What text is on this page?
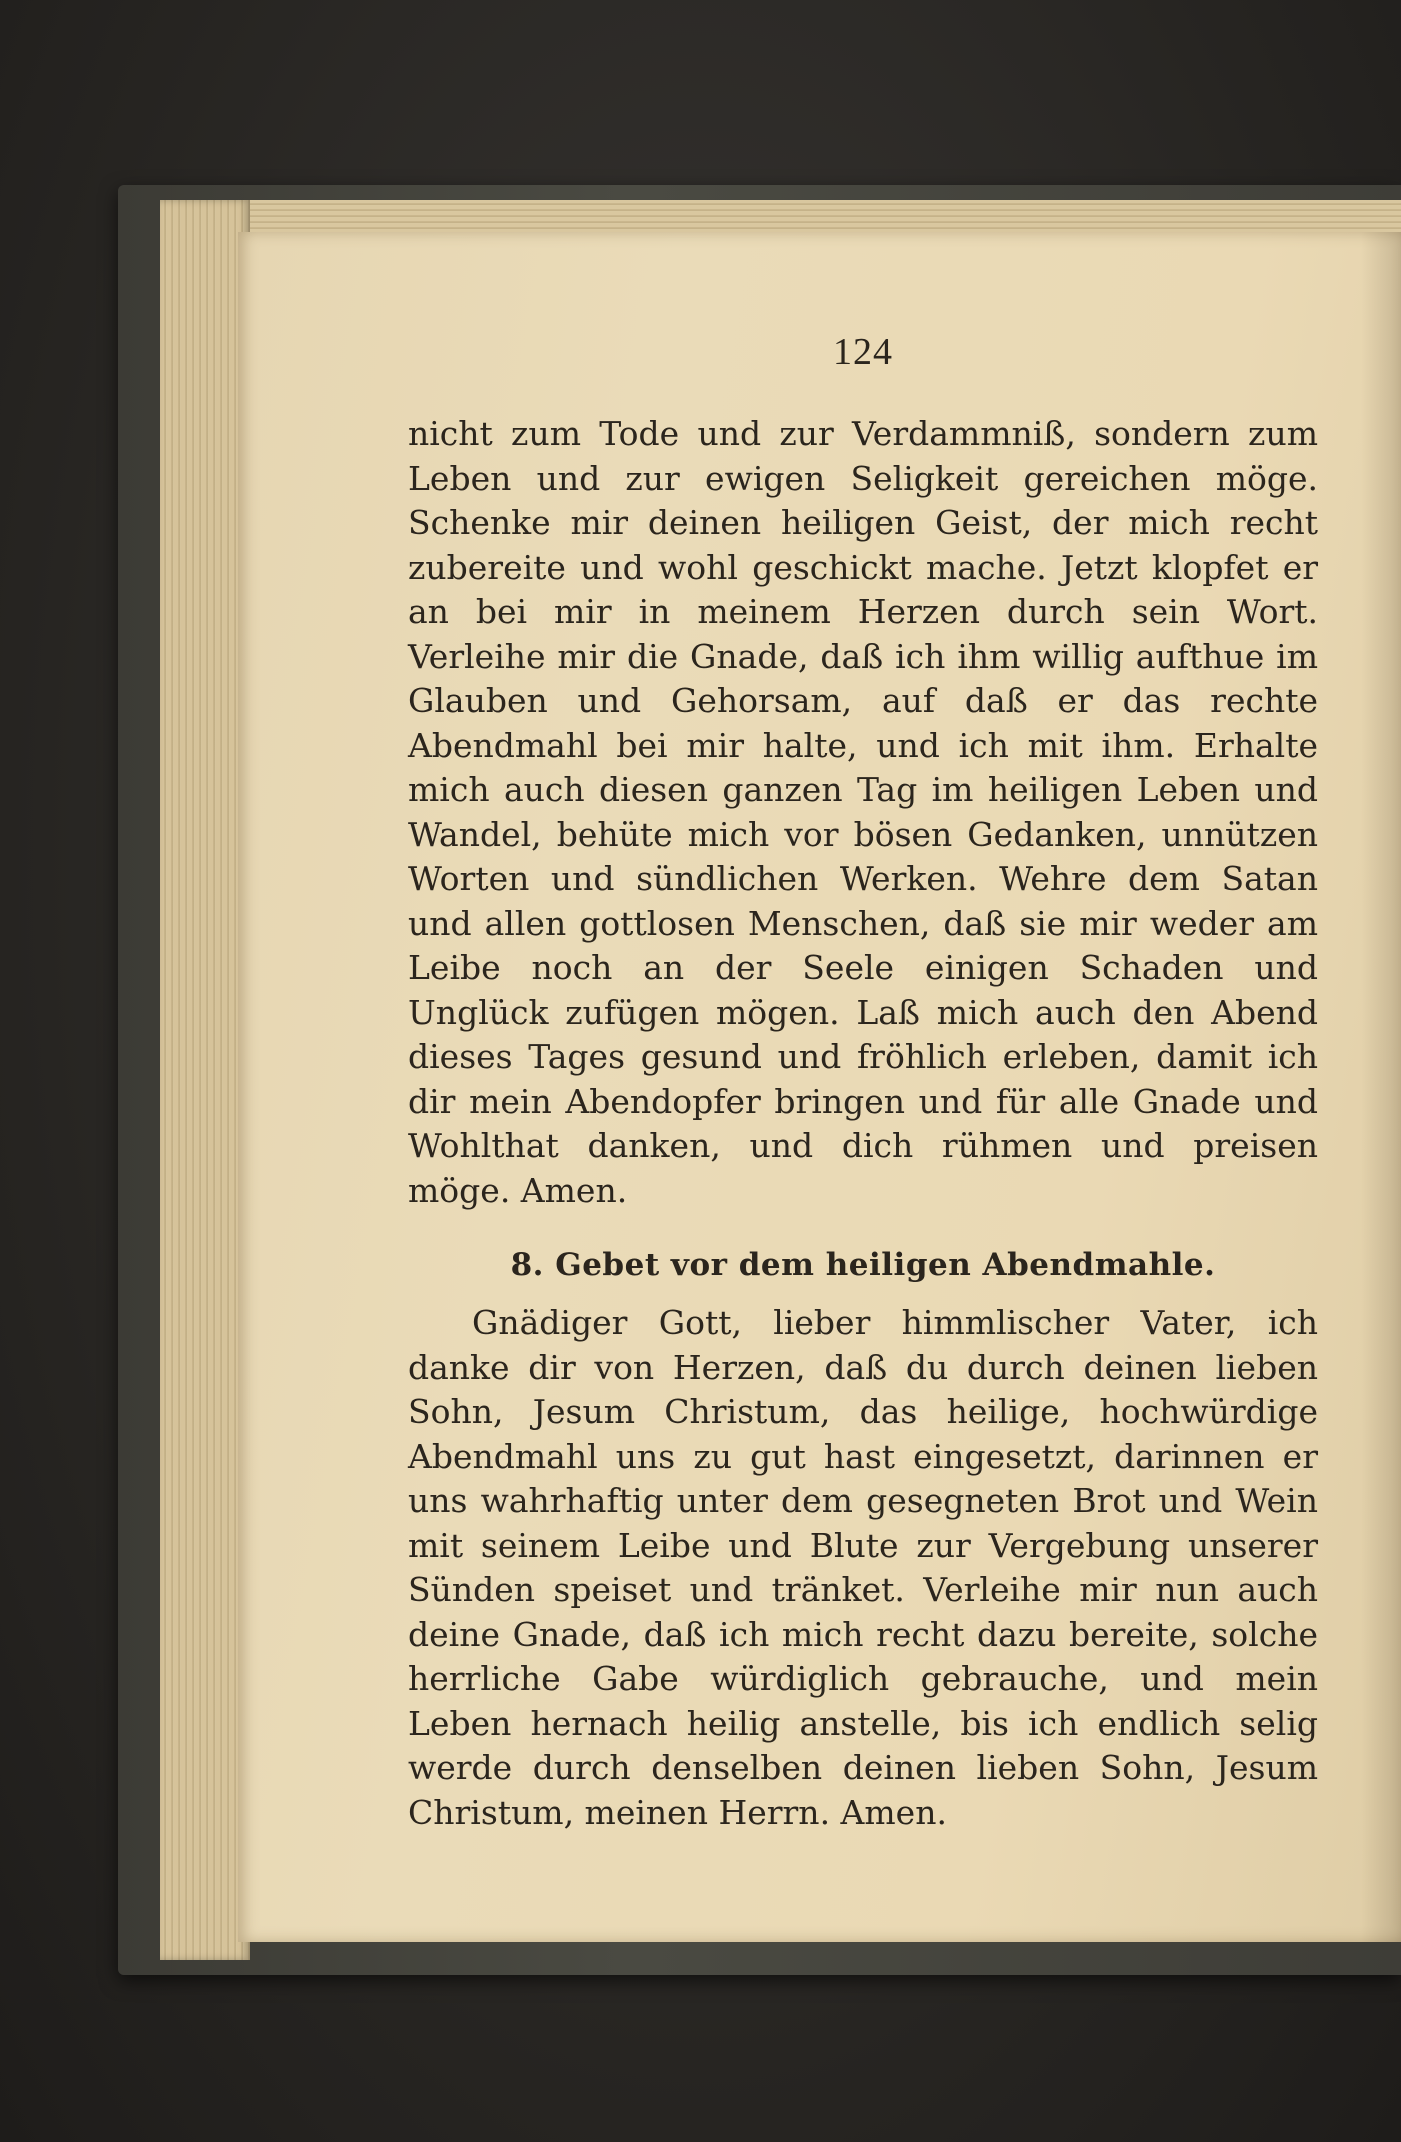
124

nicht zum Tode und zur Verdammniß, sondern zum Leben und zur ewigen Seligkeit gereichen möge. Schenke mir deinen heiligen Geist, der mich recht zubereite und wohl geschickt mache. Jetzt klopfet er an bei mir in meinem Herzen durch sein Wort. Verleihe mir die Gnade, daß ich ihm willig aufthue im Glauben und Gehorsam, auf daß er das rechte Abendmahl bei mir halte, und ich mit ihm. Erhalte mich auch diesen ganzen Tag im heiligen Leben und Wandel, behüte mich vor bösen Gedanken, unnützen Worten und sündlichen Werken. Wehre dem Satan und allen gottlosen Menschen, daß sie mir weder am Leibe noch an der Seele einigen Schaden und Unglück zufügen mögen. Laß mich auch den Abend dieses Tages gesund und fröhlich erleben, damit ich dir mein Abendopfer bringen und für alle Gnade und Wohlthat danken, und dich rühmen und preisen möge. Amen.

8. Gebet vor dem heiligen Abendmahle.

Gnädiger Gott, lieber himmlischer Vater, ich danke dir von Herzen, daß du durch deinen lieben Sohn, Jesum Christum, das heilige, hochwürdige Abendmahl uns zu gut hast eingesetzt, darinnen er uns wahrhaftig unter dem gesegneten Brot und Wein mit seinem Leibe und Blute zur Vergebung unserer Sünden speiset und tränket. Verleihe mir nun auch deine Gnade, daß ich mich recht dazu bereite, solche herrliche Gabe würdiglich gebrauche, und mein Leben hernach heilig anstelle, bis ich endlich selig werde durch denselben deinen lieben Sohn, Jesum Christum, meinen Herrn. Amen.
